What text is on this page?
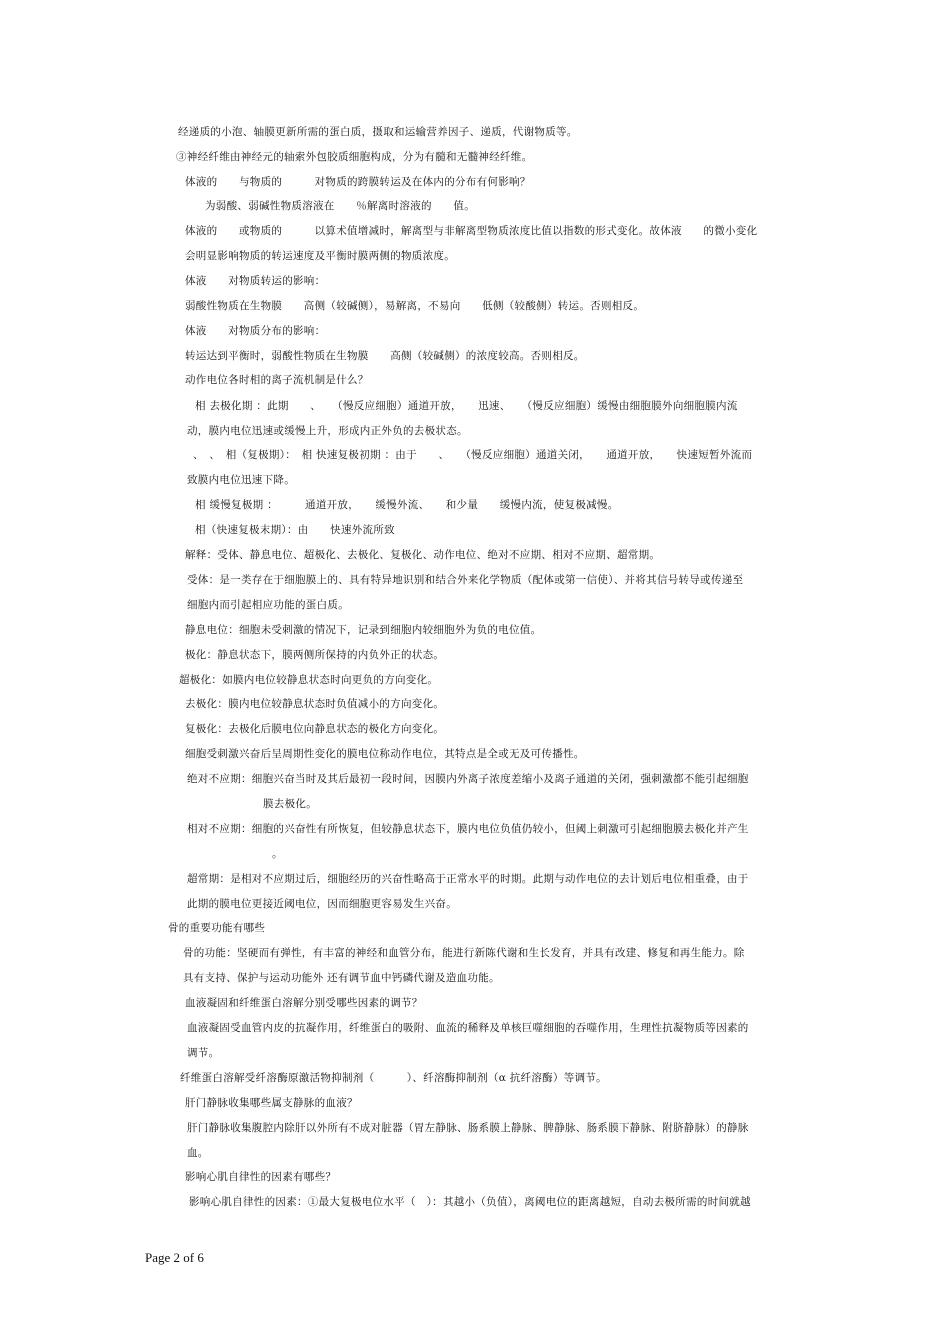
经递质的小泡、轴膜更新所需的蛋白质，摄取和运输营养因子、递质，代谢物质等。
③神经纤维由神经元的轴索外包胶质细胞构成，分为有髓和无髓神经纤维。
体液的　　与物质的　　　对物质的跨膜转运及在体内的分布有何影响？
为弱酸、弱碱性物质溶液在　　％解离时溶液的　　值。
体液的　　或物质的　　　以算术值增减时，解离型与非解离型物质浓度比值以指数的形式变化。故体液　　的微小变化
会明显影响物质的转运速度及平衡时膜两侧的物质浓度。
体液　　对物质转运的影响：
弱酸性物质在生物膜　　高侧（较碱侧），易解离，不易向　　低侧（较酸侧）转运。否则相反。
体液　　对物质分布的影响：
转运达到平衡时，弱酸性物质在生物膜　　高侧（较碱侧）的浓度较高。否则相反。
动作电位各时相的离子流机制是什么？
相 去极化期 ：此期　　、　　（慢反应细胞）通道开放，　　迅速、　　（慢反应细胞）缓慢由细胞膜外向细胞膜内流
动，膜内电位迅速或缓慢上升，形成内正外负的去极状态。
、　、　相（复极期）：　相 快速复极初期 ：由于　　、　　（慢反应细胞）通道关闭，　　通道开放，　　快速短暂外流而
致膜内电位迅速下降。
相 缓慢复极期 ：　　　通道开放，　　缓慢外流、　　和少量　　缓慢内流，使复极减慢。
相（快速复极末期）：由　　快速外流所致
解释：受体、静息电位、超极化、去极化、复极化、动作电位、绝对不应期、相对不应期、超常期。
受体：是一类存在于细胞膜上的、具有特异地识别和结合外来化学物质（配体或第一信使）、并将其信号转导或传递至
细胞内而引起相应功能的蛋白质。
静息电位：细胞未受刺激的情况下，记录到细胞内较细胞外为负的电位值。
极化：静息状态下，膜两侧所保持的内负外正的状态。
超极化：如膜内电位较静息状态时向更负的方向变化。
去极化：膜内电位较静息状态时负值减小的方向变化。
复极化：去极化后膜电位向静息状态的极化方向变化。
细胞受刺激兴奋后呈周期性变化的膜电位称动作电位，其特点是全或无及可传播性。
绝对不应期：细胞兴奋当时及其后最初一段时间，因膜内外离子浓度差缩小及离子通道的关闭，强刺激都不能引起细胞
膜去极化。
相对不应期：细胞的兴奋性有所恢复，但较静息状态下，膜内电位负值仍较小，但阈上刺激可引起细胞膜去极化并产生
。
超常期：是相对不应期过后，细胞经历的兴奋性略高于正常水平的时期。此期与动作电位的去计划后电位相重叠，由于
此期的膜电位更接近阈电位，因而细胞更容易发生兴奋。
骨的重要功能有哪些
骨的功能：坚硬而有弹性，有丰富的神经和血管分布，能进行新陈代谢和生长发育，并具有改建、修复和再生能力。除
具有支持、保护与运动功能外 还有调节血中钙磷代谢及造血功能。
血液凝固和纤维蛋白溶解分别受哪些因素的调节？
血液凝固受血管内皮的抗凝作用，纤维蛋白的吸附、血流的稀释及单核巨噬细胞的吞噬作用，生理性抗凝物质等因素的
调节。
纤维蛋白溶解受纤溶酶原激活物抑制剂（　　　）、纤溶酶抑制剂（α 抗纤溶酶）等调节。
肝门静脉收集哪些属支静脉的血液？
肝门静脉收集腹腔内除肝以外所有不成对脏器（胃左静脉、肠系膜上静脉、脾静脉、肠系膜下静脉、附脐静脉）的静脉
血。
影响心肌自律性的因素有哪些？
影响心肌自律性的因素：①最大复极电位水平（　）：其越小（负值），离阈电位的距离越短，自动去极所需的时间就越
Page 2 of 6
